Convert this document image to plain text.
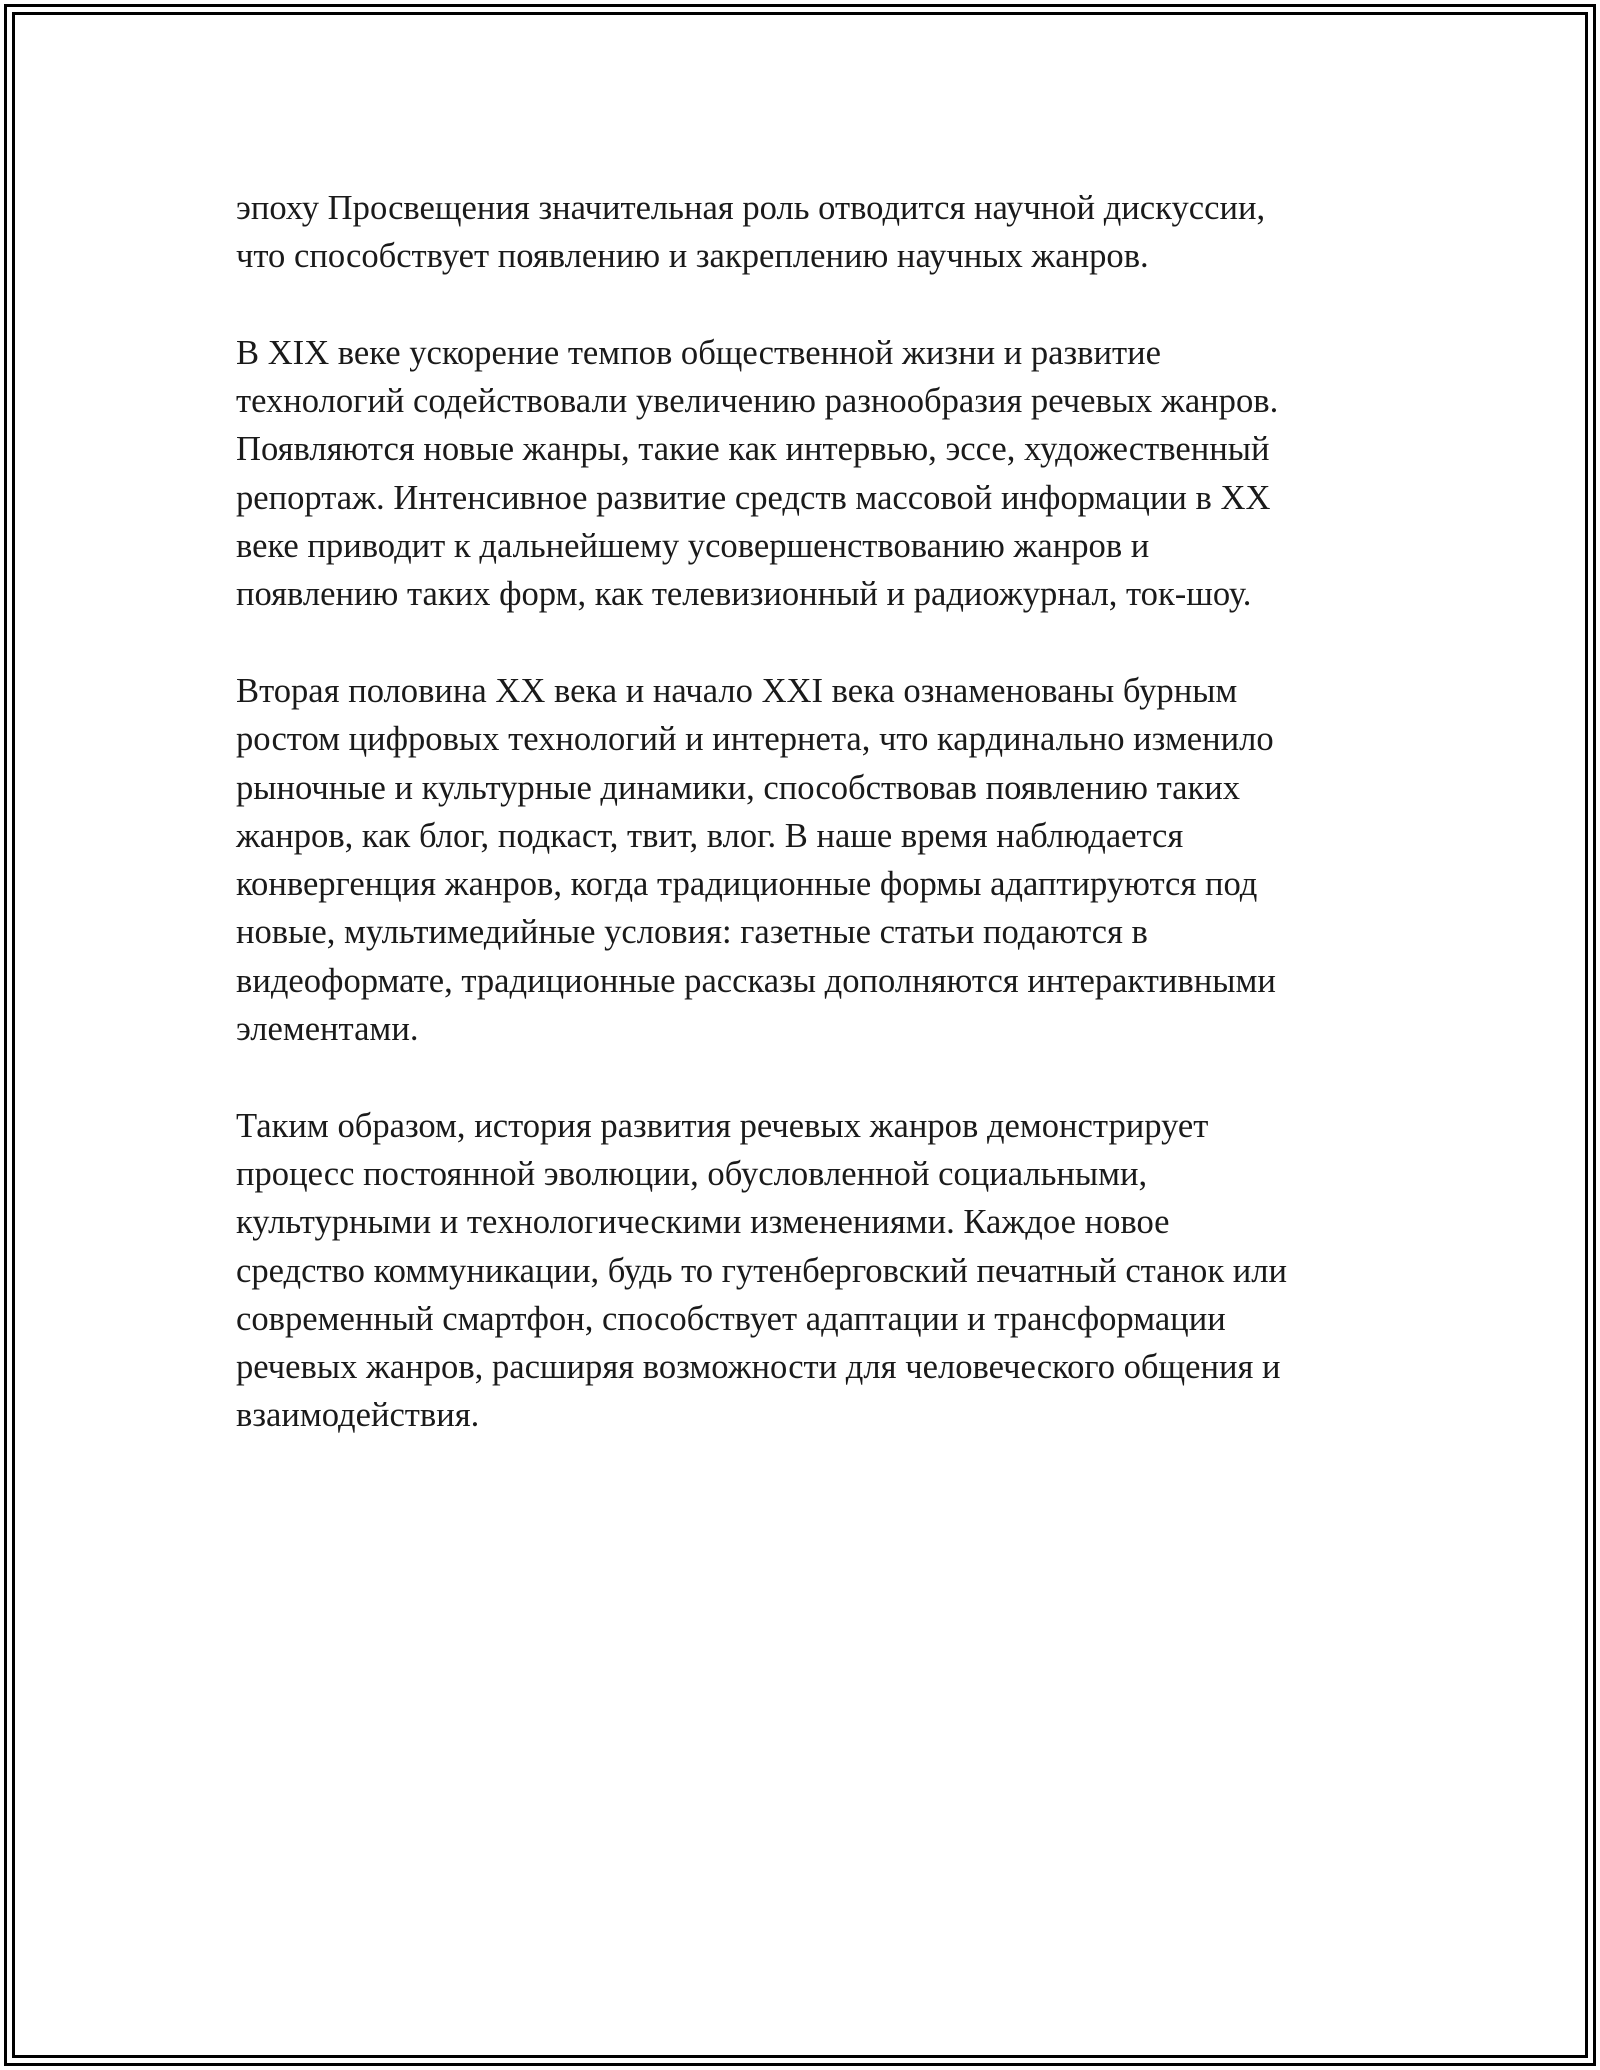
эпоху Просвещения значительная роль отводится научной дискуссии,
что способствует появлению и закреплению научных жанров.

В XIX веке ускорение темпов общественной жизни и развитие
технологий содействовали увеличению разнообразия речевых жанров.
Появляются новые жанры, такие как интервью, эссе, художественный
репортаж. Интенсивное развитие средств массовой информации в XX
веке приводит к дальнейшему усовершенствованию жанров и
появлению таких форм, как телевизионный и радиожурнал, ток-шоу.

Вторая половина XX века и начало XXI века ознаменованы бурным
ростом цифровых технологий и интернета, что кардинально изменило
рыночные и культурные динамики, способствовав появлению таких
жанров, как блог, подкаст, твит, влог. В наше время наблюдается
конвергенция жанров, когда традиционные формы адаптируются под
новые, мультимедийные условия: газетные статьи подаются в
видеоформате, традиционные рассказы дополняются интерактивными
элементами.

Таким образом, история развития речевых жанров демонстрирует
процесс постоянной эволюции, обусловленной социальными,
культурными и технологическими изменениями. Каждое новое
средство коммуникации, будь то гутенберговский печатный станок или
современный смартфон, способствует адаптации и трансформации
речевых жанров, расширяя возможности для человеческого общения и
взаимодействия.
